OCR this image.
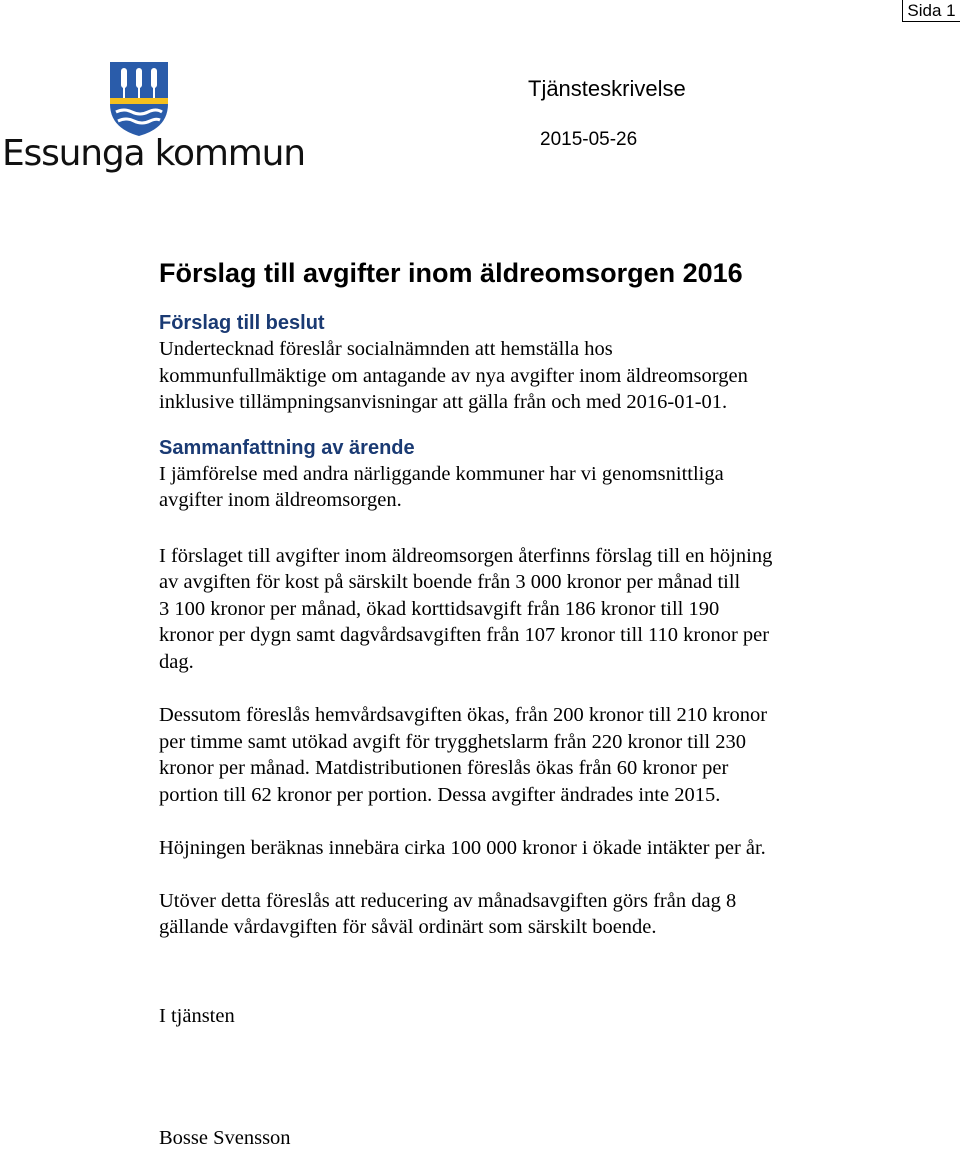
Sida 1
Essunga kommun
Tjänsteskrivelse
2015-05-26
Förslag till avgifter inom äldreomsorgen 2016
Förslag till beslut
Undertecknad föreslår socialnämnden att hemställa hos
kommunfullmäktige om antagande av nya avgifter inom äldreomsorgen
inklusive tillämpningsanvisningar att gälla från och med 2016-01-01.
Sammanfattning av ärende
I jämförelse med andra närliggande kommuner har vi genomsnittliga
avgifter inom äldreomsorgen.
I förslaget till avgifter inom äldreomsorgen återfinns förslag till en höjning
av avgiften för kost på särskilt boende från 3 000 kronor per månad till
3 100 kronor per månad, ökad korttidsavgift från 186 kronor till 190
kronor per dygn samt dagvårdsavgiften från 107 kronor till 110 kronor per
dag.
Dessutom föreslås hemvårdsavgiften ökas, från 200 kronor till 210 kronor
per timme samt utökad avgift för trygghetslarm från 220 kronor till 230
kronor per månad. Matdistributionen föreslås ökas från 60 kronor per
portion till 62 kronor per portion. Dessa avgifter ändrades inte 2015.
Höjningen beräknas innebära cirka 100 000 kronor i ökade intäkter per år.
Utöver detta föreslås att reducering av månadsavgiften görs från dag 8
gällande vårdavgiften för såväl ordinärt som särskilt boende.
I tjänsten
Bosse Svensson
